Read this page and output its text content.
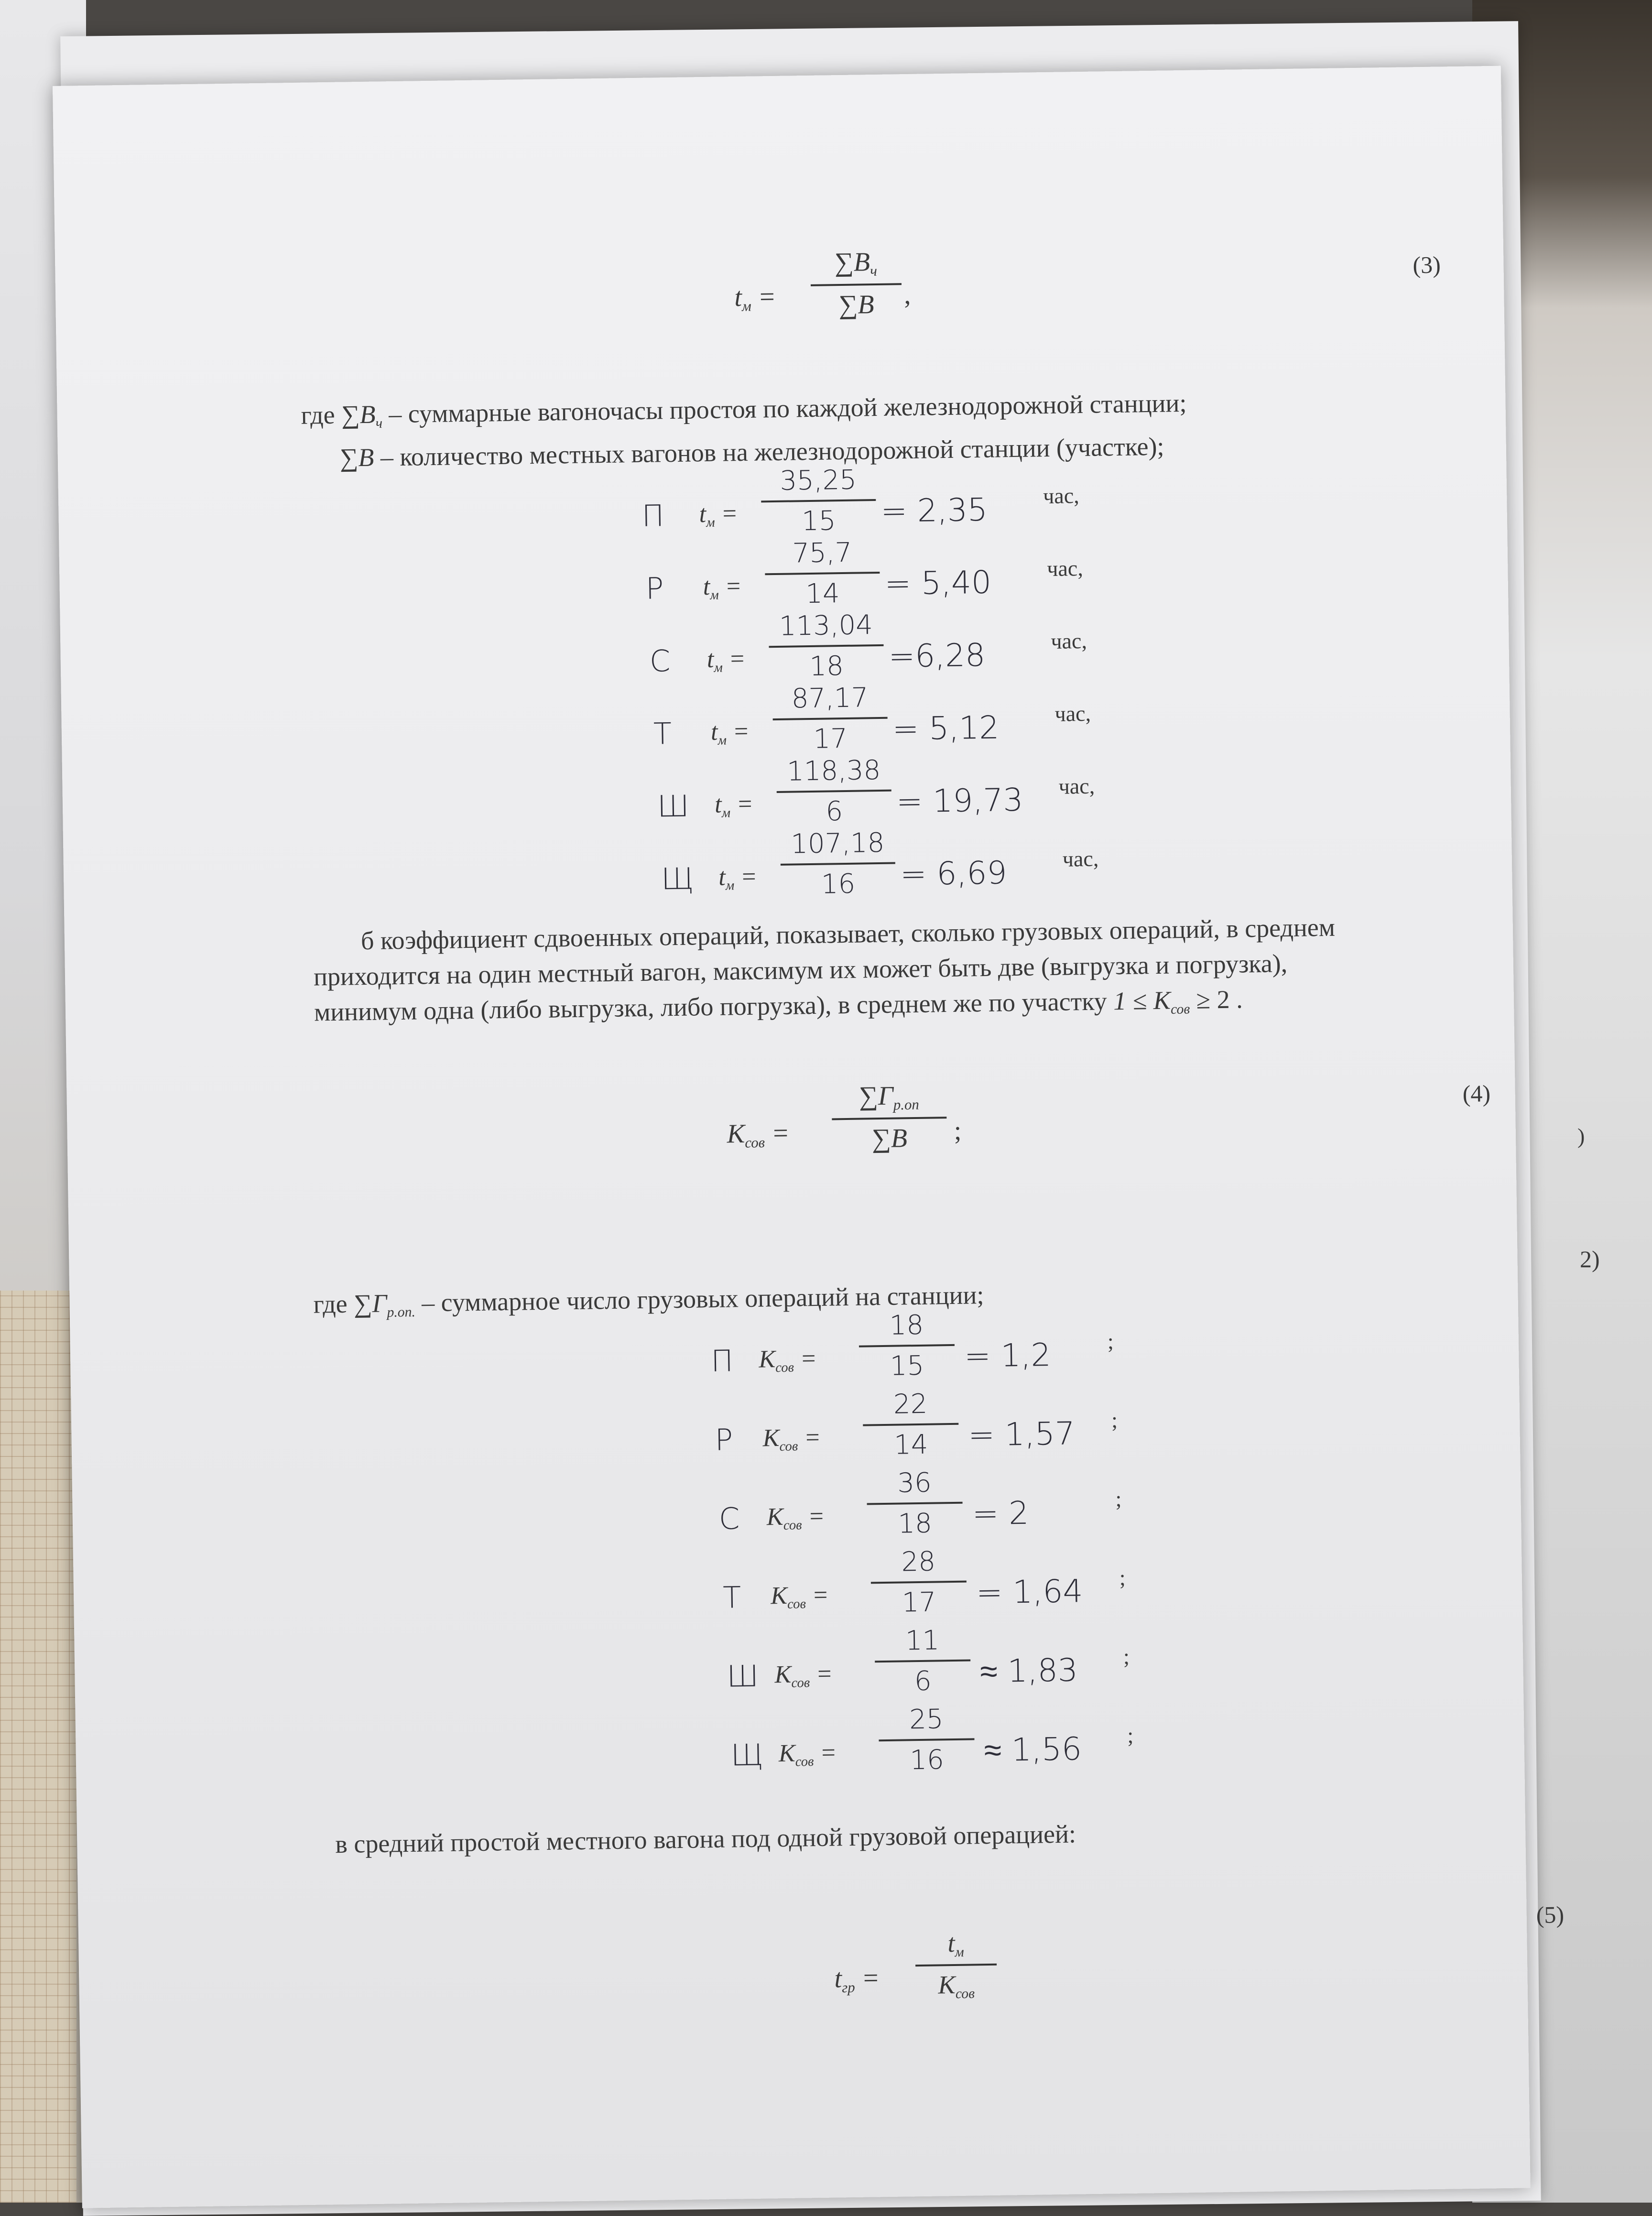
)
2)
$t_м$ =
$\sum B_ч$
∑B	,
(3)
где $\sum B_ч$ – суммарные вагоночасы простоя по каждой железнодорожной станции;
∑B – количество местных вагонов на железнодорожной станции (участке);
П $t_м$ =
35,25
15	= 2,35	час,
Р $t_м$ =
75,7
14	= 5,40	час,
С $t_м$ =
113,04
18	=6,28	час,
Т $t_м$ =
87,17
17	= 5,12	час,
Ш $t_м$ =
118,38
6	= 19,73 час,
Щ $t_м$ =
107,18
16	= 6,69	час,
б коэффициент сдвоенных операций, показывает, сколько грузовых операций, в среднем
приходится на один местный вагон, максимум их может быть две (выгрузка и погрузка),
минимум одна (либо выгрузка, либо погрузка), в среднем же по участку $1 \le K_{сов} \ge 2$ .
$K_{сов}$ =
$\sum Г_{р.оп}$
∑B	;
(4)
где $\sum Г_{р.оп.}$ – суммарное число грузовых операций на станции;
П $K_{сов}$ =
18
15	= 1,2	;
Р $K_{сов}$ =
22
14	= 1,57 ;
С $K_{сов}$ =
36
18	= 2	;
Т $K_{сов}$ =
28
17	= 1,64 ;
Ш $K_{сов}$ =
11
6	≈ 1,83 ;
Щ $K_{сов}$ =
25
16	≈ 1,56 ;
в средний простой местного вагона под одной грузовой операцией:
$t_{гр}$ =
$t_м$
$K_{сов}$
(5)
